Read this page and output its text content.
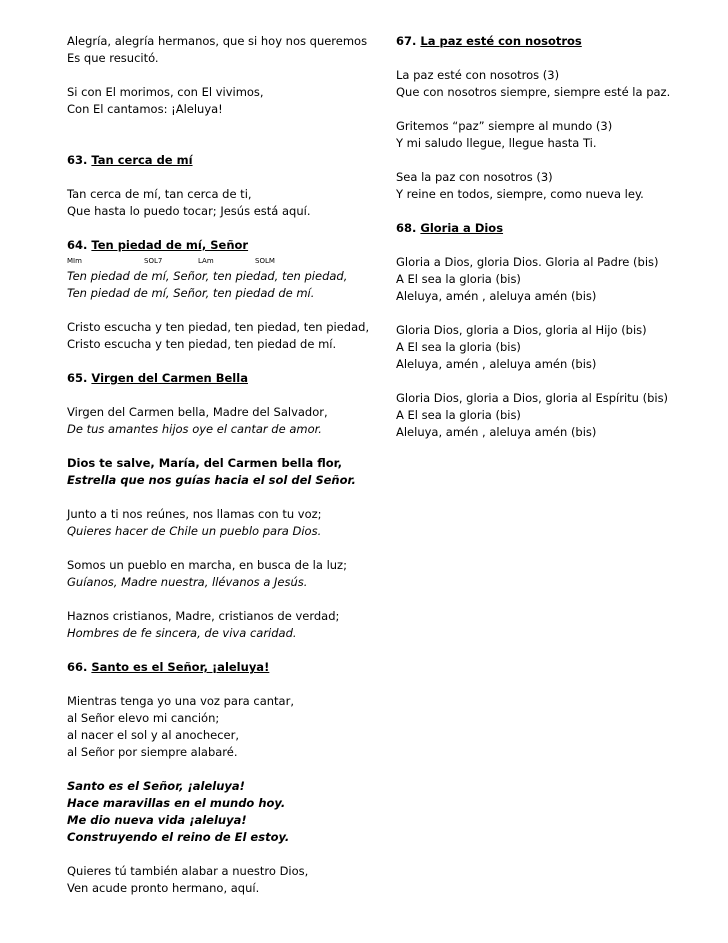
Alegría, alegría hermanos, que si hoy nos queremos
Es que resucitó.
Si con El morimos, con El vivimos,
Con El cantamos: ¡Aleluya!
63. Tan cerca de mí
Tan cerca de mí, tan cerca de ti,
Que hasta lo puedo tocar; Jesús está aquí.
64. Ten piedad de mí, Señor
MIm	SOL7	LAm	SOLM
Ten piedad de mí, Señor, ten piedad, ten piedad,
Ten piedad de mí, Señor, ten piedad de mí.
Cristo escucha y ten piedad, ten piedad, ten piedad,
Cristo escucha y ten piedad, ten piedad de mí.
65. Virgen del Carmen Bella
Virgen del Carmen bella, Madre del Salvador,
De tus amantes hijos oye el cantar de amor.
Dios te salve, María, del Carmen bella flor,
Estrella que nos guías hacia el sol del Señor.
Junto a ti nos reúnes, nos llamas con tu voz;
Quieres hacer de Chile un pueblo para Dios.
Somos un pueblo en marcha, en busca de la luz;
Guíanos, Madre nuestra, llévanos a Jesús.
Haznos cristianos, Madre, cristianos de verdad;
Hombres de fe sincera, de viva caridad.
66. Santo es el Señor, ¡aleluya!
Mientras tenga yo una voz para cantar,
al Señor elevo mi canción;
al nacer el sol y al anochecer,
al Señor por siempre alabaré.
Santo es el Señor, ¡aleluya!
Hace maravillas en el mundo hoy.
Me dio nueva vida ¡aleluya!
Construyendo el reino de El estoy.
Quieres tú también alabar a nuestro Dios,
Ven acude pronto hermano, aquí.
67. La paz esté con nosotros
La paz esté con nosotros (3)
Que con nosotros siempre, siempre esté la paz.
Gritemos “paz” siempre al mundo (3)
Y mi saludo llegue, llegue hasta Ti.
Sea la paz con nosotros (3)
Y reine en todos, siempre, como nueva ley.
68. Gloria a Dios
Gloria a Dios, gloria Dios. Gloria al Padre (bis)
A El sea la gloria (bis)
Aleluya, amén , aleluya amén (bis)
Gloria Dios, gloria a Dios, gloria al Hijo (bis)
A El sea la gloria (bis)
Aleluya, amén , aleluya amén (bis)
Gloria Dios, gloria a Dios, gloria al Espíritu (bis)
A El sea la gloria (bis)
Aleluya, amén , aleluya amén (bis)
